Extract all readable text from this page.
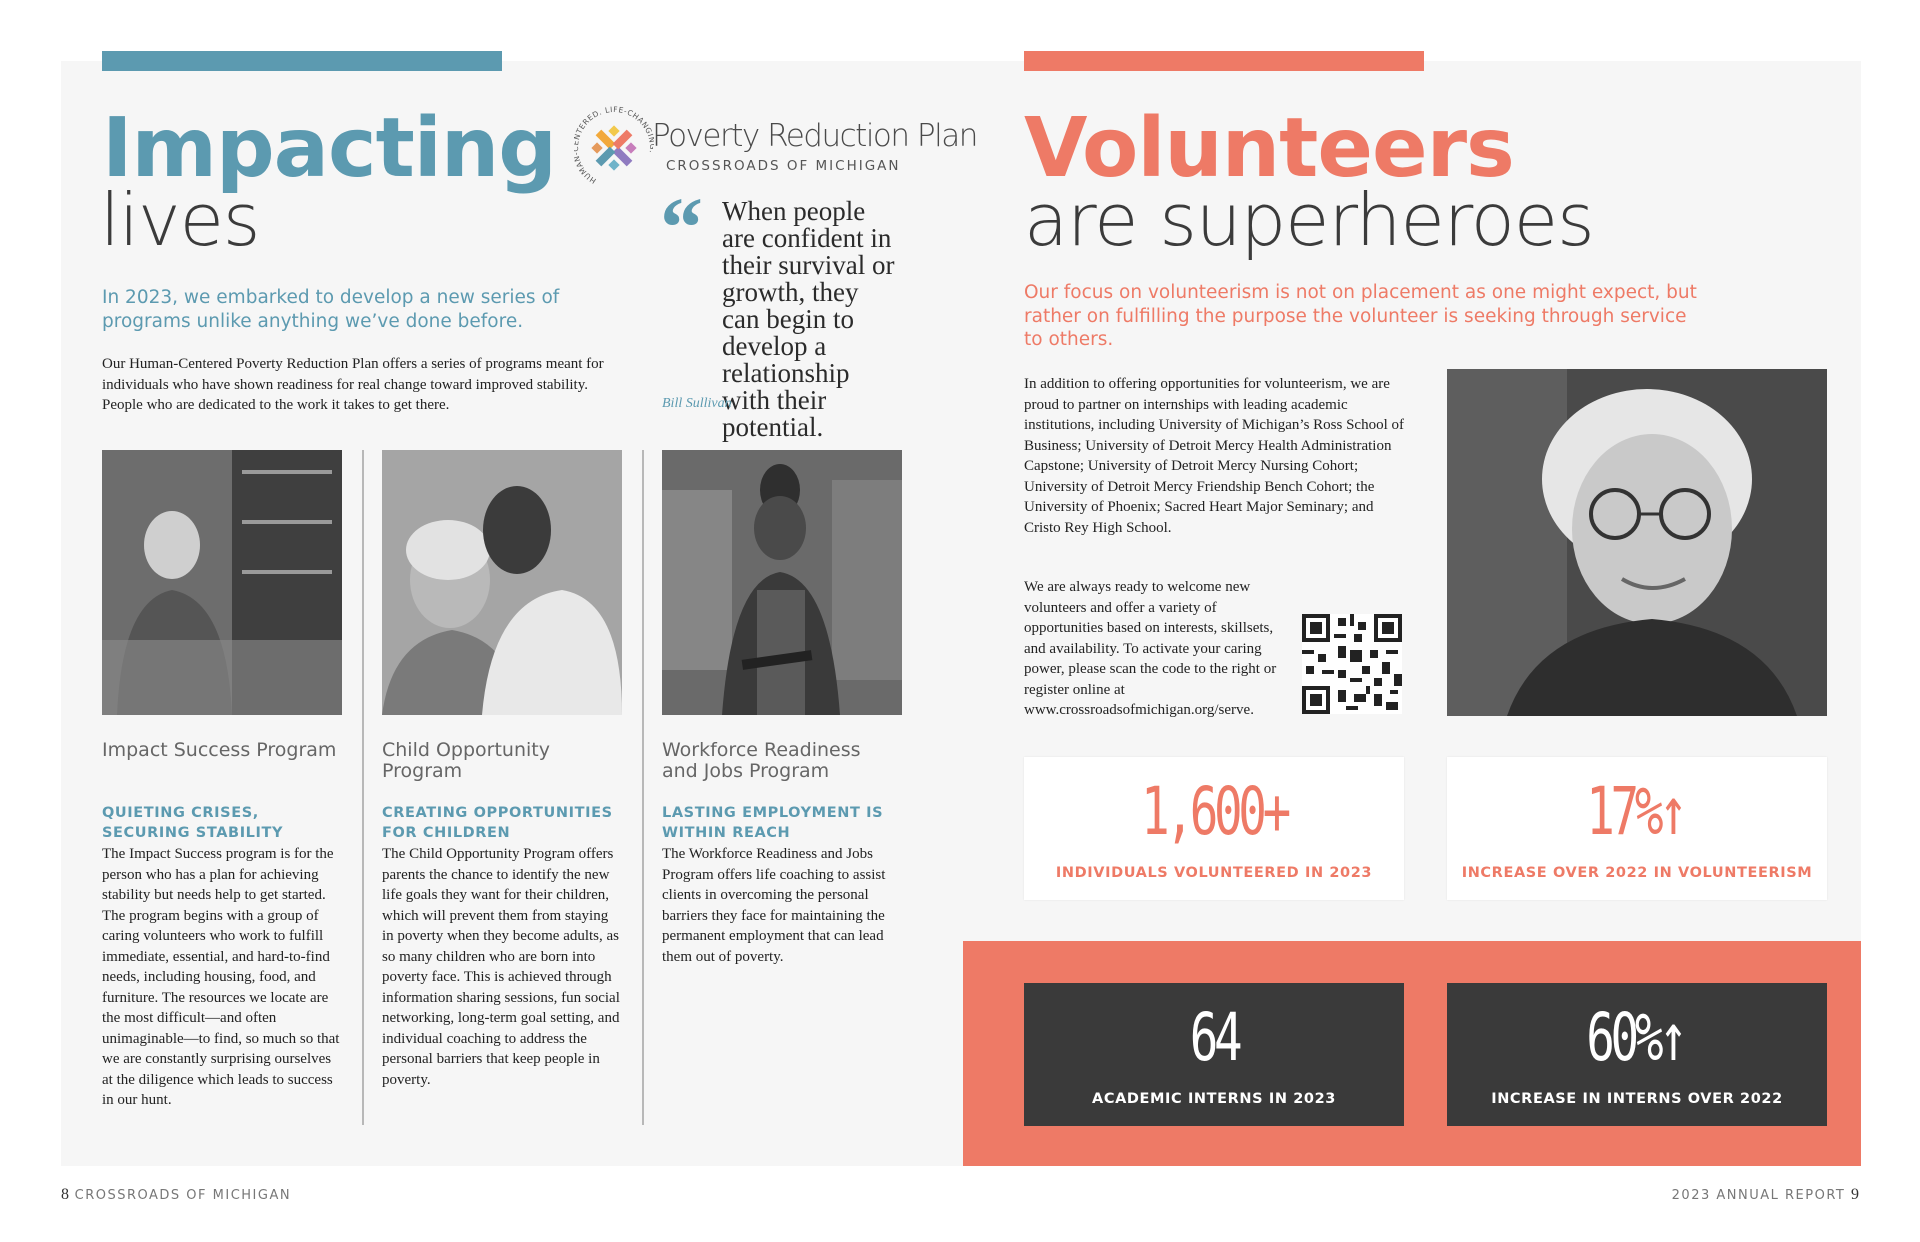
Impacting
lives
In 2023, we embarked to develop a new series of programs unlike anything we’ve done before.
Our Human-Centered Poverty Reduction Plan offers a series of programs meant for individuals who have shown readiness for real change toward improved stability. People who are dedicated to the work it takes to get there.
HUMA TERED. LIFE-CHANG
Poverty Reduction Plan
CROSSROADS OF MICHIGAN
“ When people are confident in their survival or growth, they can begin to develop a relationship with their potential.
Bill Sullivan
Impact Success Program
QUIETING CRISES, SECURING STABILITY
The Impact Success program is for the person who has a plan for achieving stability but needs help to get started. The program begins with a group of caring volunteers who work to fulfill immediate, essential, and hard-to-find needs, including housing, food, and furniture. The resources we locate are the most difficult—and often unimaginable—to find, so much so that we are constantly surprising ourselves at the diligence which leads to success in our hunt.
Child Opportunity Program
CREATING OPPORTUNITIES FOR CHILDREN
The Child Opportunity Program offers parents the chance to identify the new life goals they want for their children, which will prevent them from staying in poverty when they become adults, as so many children who are born into poverty face. This is achieved through information sharing sessions, fun social networking, long-term goal setting, and individual coaching to address the personal barriers that keep people in poverty.
Workforce Readiness and Jobs Program
LASTING EMPLOYMENT IS WITHIN REACH
The Workforce Readiness and Jobs Program offers life coaching to assist clients in overcoming the personal barriers they face for maintaining the permanent employment that can lead them out of poverty.
Volunteers
are superheroes
Our focus on volunteerism is not on placement as one might expect, but rather on fulfilling the purpose the volunteer is seeking through service to others.
In addition to offering opportunities for volunteerism, we are proud to partner on internships with leading academic institutions, including University of Michigan’s Ross School of Business; University of Detroit Mercy Health Administration Capstone; University of Detroit Mercy Nursing Cohort; University of Detroit Mercy Friendship Bench Cohort; the University of Phoenix; Sacred Heart Major Seminary; and Cristo Rey High School.
We are always ready to welcome new volunteers and offer a variety of opportunities based on interests, skillsets, and availability. To activate your caring power, please scan the code to the right or register online at www.crossroadsofmichigan.org/serve.
1,600+
INDIVIDUALS VOLUNTEERED IN 2023
17%↑
INCREASE OVER 2022 IN VOLUNTEERISM
64
ACADEMIC INTERNS IN 2023
60%↑
INCREASE IN INTERNS OVER 2022
8 CROSSROADS OF MICHIGAN	2023 ANNUAL REPORT 9
